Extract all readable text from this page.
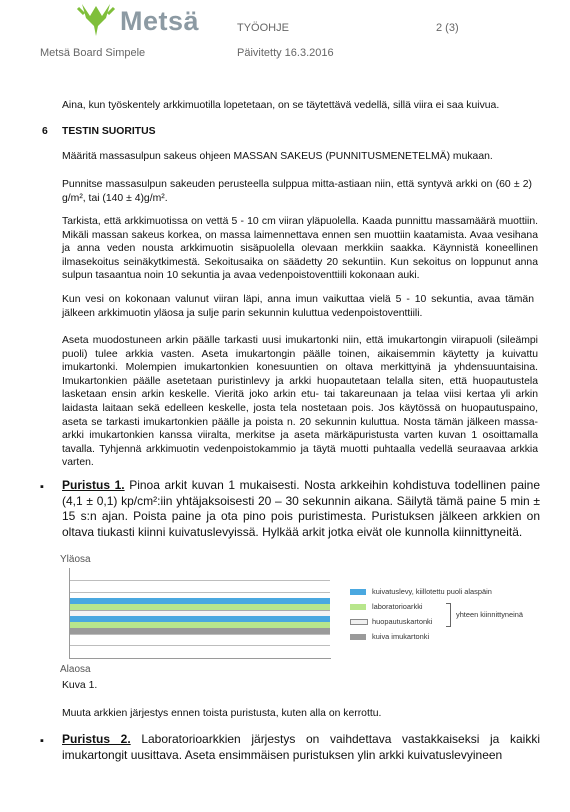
Metsä	TYÖOHJE	2 (3)
Metsä Board Simpele	Päivitetty 16.3.2016

Aina, kun työskentely arkkimuotilla lopetetaan, on se täytettävä vedellä, sillä viira ei saa kuivua.

6 TESTIN SUORITUS

Määritä massasulpun sakeus ohjeen MASSAN SAKEUS (PUNNITUSMENETELMÄ) mukaan.

Punnitse massasulpun sakeuden perusteella sulppua mitta-astiaan niin, että syntyvä arkki on (60 ± 2) g/m², tai (140 ± 4)g/m².

Tarkista, että arkkimuotissa on vettä 5 - 10 cm viiran yläpuolella. Kaada punnittu massamäärä muottiin. Mikäli massan sakeus korkea, on massa laimennettava ennen sen muottiin kaatamista. Avaa vesihana ja anna veden nousta arkkimuotin sisäpuolella olevaan merkkiin saakka. Käynnistä koneellinen ilmasekoitus seinäkytkimestä. Sekoitusaika on säädetty 20 sekuntiin. Kun sekoitus on loppunut anna sulpun tasaantua noin 10 sekuntia ja avaa vedenpoistoventtiili kokonaan auki.

Kun vesi on kokonaan valunut viiran läpi, anna imun vaikuttaa vielä 5 - 10 sekuntia, avaa tämän jälkeen arkkimuotin yläosa ja sulje parin sekunnin kuluttua vedenpoistoventtiili.

Aseta muodostuneen arkin päälle tarkasti uusi imukartonki niin, että imukartongin viirapuoli (sileämpi puoli) tulee arkkia vasten. Aseta imukartongin päälle toinen, aikaisemmin käytetty ja kuivattu imukartonki. Molempien imukartonkien konesuuntien on oltava merkittyinä ja yhdensuuntaisina. Imukartonkien päälle asetetaan puristinlevy ja arkki huopautetaan telalla siten, että huopautustela lasketaan ensin arkin keskelle. Vieritä joko arkin etu- tai takareunaan ja telaa viisi kertaa yli arkin laidasta laitaan sekä edelleen keskelle, josta tela nostetaan pois. Jos käytössä on huopautuspaino, aseta se tarkasti imukartonkien päälle ja poista n. 20 sekunnin kuluttua. Nosta tämän jälkeen massa-arkki imukartonkien kanssa viiralta, merkitse ja aseta märkäpuristusta varten kuvan 1 osoittamalla tavalla. Tyhjennä arkkimuotin vedenpoistokammio ja täytä muotti puhtaalla vedellä seuraavaa arkkia varten.

▪ Puristus 1. Pinoa arkit kuvan 1 mukaisesti. Nosta arkkeihin kohdistuva todellinen paine (4,1 ± 0,1) kp/cm²:iin yhtäjaksoisesti 20 – 30 sekunnin aikana. Säilytä tämä paine 5 min ± 15 s:n ajan. Poista paine ja ota pino pois puristimesta. Puristuksen jälkeen arkkien on oltava tiukasti kiinni kuivatuslevyissä. Hylkää arkit jotka eivät ole kunnolla kiinnittyneitä.

Yläosa
Alaosa
kuivatuslevy, kiillotettu puoli alaspäin
laboratorioarkki
huopautuskartonki
kuiva imukartonki
yhteen kiinnittyneinä
Kuva 1.
Muuta arkkien järjestys ennen toista puristusta, kuten alla on kerrottu.
▪ Puristus 2. Laboratorioarkkien järjestys on vaihdettava vastakkaiseksi ja kaikki imukartongit uusittava. Aseta ensimmäisen puristuksen ylin arkki kuivatuslevyineen
